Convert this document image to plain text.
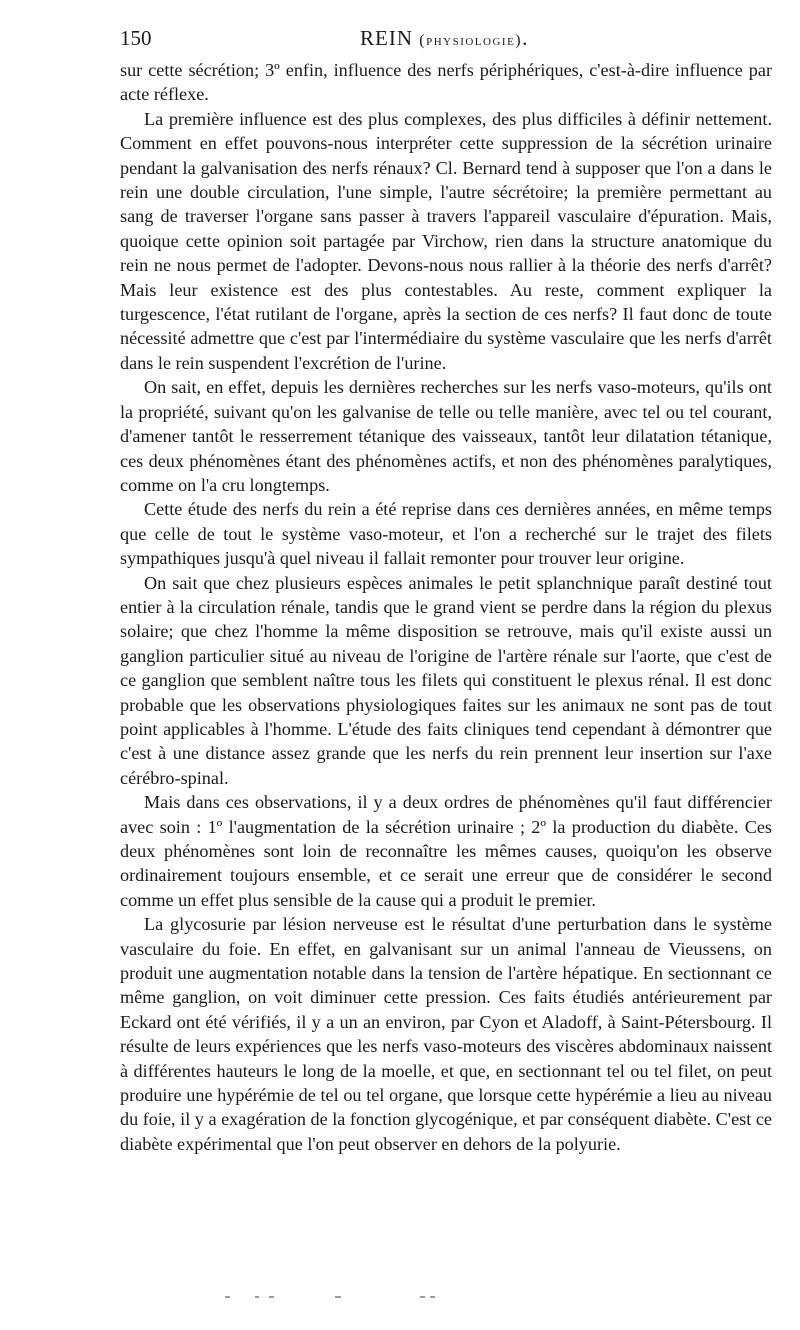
150	REIN (physiologie).

sur cette sécrétion; 3º enfin, influence des nerfs périphériques, c'est-à-dire influence par acte réflexe.

La première influence est des plus complexes, des plus difficiles à définir nettement. Comment en effet pouvons-nous interpréter cette suppression de la sécrétion urinaire pendant la galvanisation des nerfs rénaux? Cl. Bernard tend à supposer que l'on a dans le rein une double circulation, l'une simple, l'autre sécrétoire; la première permettant au sang de traverser l'organe sans passer à travers l'appareil vasculaire d'épuration. Mais, quoique cette opinion soit partagée par Virchow, rien dans la structure anatomique du rein ne nous permet de l'adopter. Devons-nous nous rallier à la théorie des nerfs d'arrêt? Mais leur existence est des plus contestables. Au reste, comment expliquer la turgescence, l'état rutilant de l'organe, après la section de ces nerfs? Il faut donc de toute nécessité admettre que c'est par l'intermédiaire du système vasculaire que les nerfs d'arrêt dans le rein suspendent l'excrétion de l'urine.

On sait, en effet, depuis les dernières recherches sur les nerfs vaso-moteurs, qu'ils ont la propriété, suivant qu'on les galvanise de telle ou telle manière, avec tel ou tel courant, d'amener tantôt le resserrement tétanique des vaisseaux, tantôt leur dilatation tétanique, ces deux phénomènes étant des phénomènes actifs, et non des phénomènes paralytiques, comme on l'a cru longtemps.

Cette étude des nerfs du rein a été reprise dans ces dernières années, en même temps que celle de tout le système vaso-moteur, et l'on a recherché sur le trajet des filets sympathiques jusqu'à quel niveau il fallait remonter pour trouver leur origine.

On sait que chez plusieurs espèces animales le petit splanchnique paraît destiné tout entier à la circulation rénale, tandis que le grand vient se perdre dans la région du plexus solaire; que chez l'homme la même disposition se retrouve, mais qu'il existe aussi un ganglion particulier situé au niveau de l'origine de l'artère rénale sur l'aorte, que c'est de ce ganglion que semblent naître tous les filets qui constituent le plexus rénal. Il est donc probable que les observations physiologiques faites sur les animaux ne sont pas de tout point applicables à l'homme. L'étude des faits cliniques tend cependant à démontrer que c'est à une distance assez grande que les nerfs du rein prennent leur insertion sur l'axe cérébro-spinal.

Mais dans ces observations, il y a deux ordres de phénomènes qu'il faut différencier avec soin : 1º l'augmentation de la sécrétion urinaire ; 2º la production du diabète. Ces deux phénomènes sont loin de reconnaître les mêmes causes, quoiqu'on les observe ordinairement toujours ensemble, et ce serait une erreur que de considérer le second comme un effet plus sensible de la cause qui a produit le premier.

La glycosurie par lésion nerveuse est le résultat d'une perturbation dans le système vasculaire du foie. En effet, en galvanisant sur un animal l'anneau de Vieussens, on produit une augmentation notable dans la tension de l'artère hépatique. En sectionnant ce même ganglion, on voit diminuer cette pression. Ces faits étudiés antérieurement par Eckard ont été vérifiés, il y a un an environ, par Cyon et Aladoff, à Saint-Pétersbourg. Il résulte de leurs expériences que les nerfs vaso-moteurs des viscères abdominaux naissent à différentes hauteurs le long de la moelle, et que, en sectionnant tel ou tel filet, on peut produire une hypérémie de tel ou tel organe, que lorsque cette hypérémie a lieu au niveau du foie, il y a exagération de la fonction glycogénique, et par conséquent diabète. C'est ce diabète expérimental que l'on peut observer en dehors de la polyurie.
